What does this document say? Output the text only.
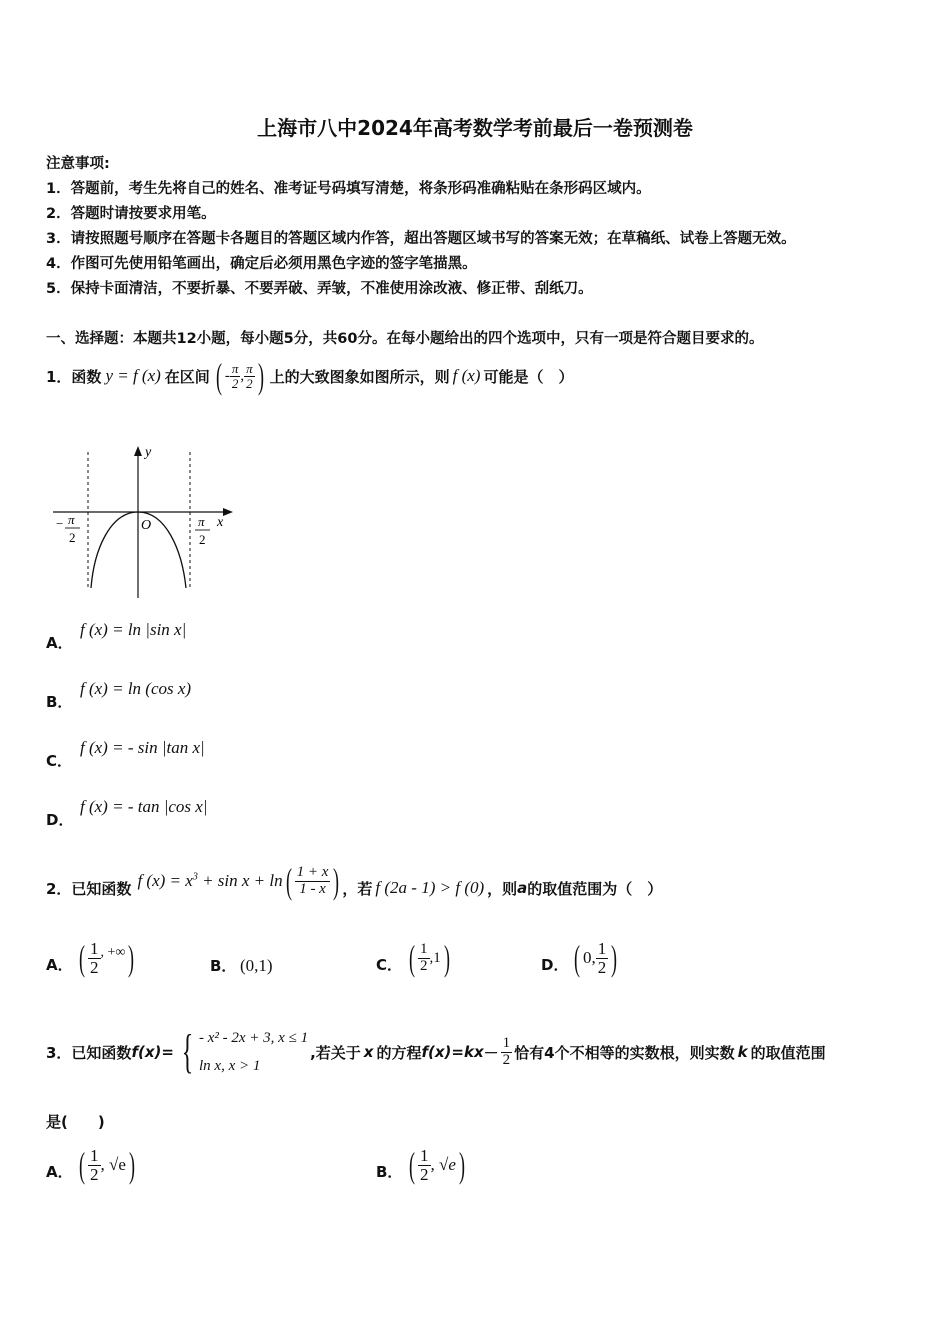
上海市八中2024年高考数学考前最后一卷预测卷
注意事项:
1．答题前，考生先将自己的姓名、准考证号码填写清楚，将条形码准确粘贴在条形码区域内。
2．答题时请按要求用笔。
3．请按照题号顺序在答题卡各题目的答题区域内作答，超出答题区域书写的答案无效；在草稿纸、试卷上答题无效。
4．作图可先使用铅笔画出，确定后必须用黑色字迹的签字笔描黑。
5．保持卡面清洁，不要折暴、不要弄破、弄皱，不准使用涂改液、修正带、刮纸刀。
一、选择题：本题共12小题，每小题5分，共60分。在每小题给出的四个选项中，只有一项是符合题目要求的。
1．函数 y = f (x) 在区间 ( - $\frac{\pi}{2}$ , $\frac{\pi}{2}$ ) 上的大致图象如图所示，则 f (x) 可能是（　）
y
x
O
− π
2
π
2
A．
f (x) = ln |sin x|
B．
f (x) = ln (cos x)
C．
f (x) = - sin |tan x|
D．
f (x) = - tan |cos x|
2．已知函数 f $(x) = x^3 + \sin x + \ln$ ( $\frac{1 + x}{1 - x}$ ) ，若 f (2a - 1) > f (0) ，则 a 的取值范围为（　）
A． ( $\frac{1}{2}$ , +∞ )	B． (0,1)	C． ( $\frac{1}{2} ,1$ )	D． ( 0, $\frac{1}{2}$ )
3．已知函数 f(x) = { - x² - 2x + 3, x ≤ 1
ln x, x > 1
,若关于 x 的方程 f(x) = kx － $\frac{1}{2}$ 恰有4个不相等的实数根，则实数 k 的取值范围
是(　　)
A． ( $\frac{1}{2}$ , √e )	B． ( $\frac{1}{2}$ , √e )
